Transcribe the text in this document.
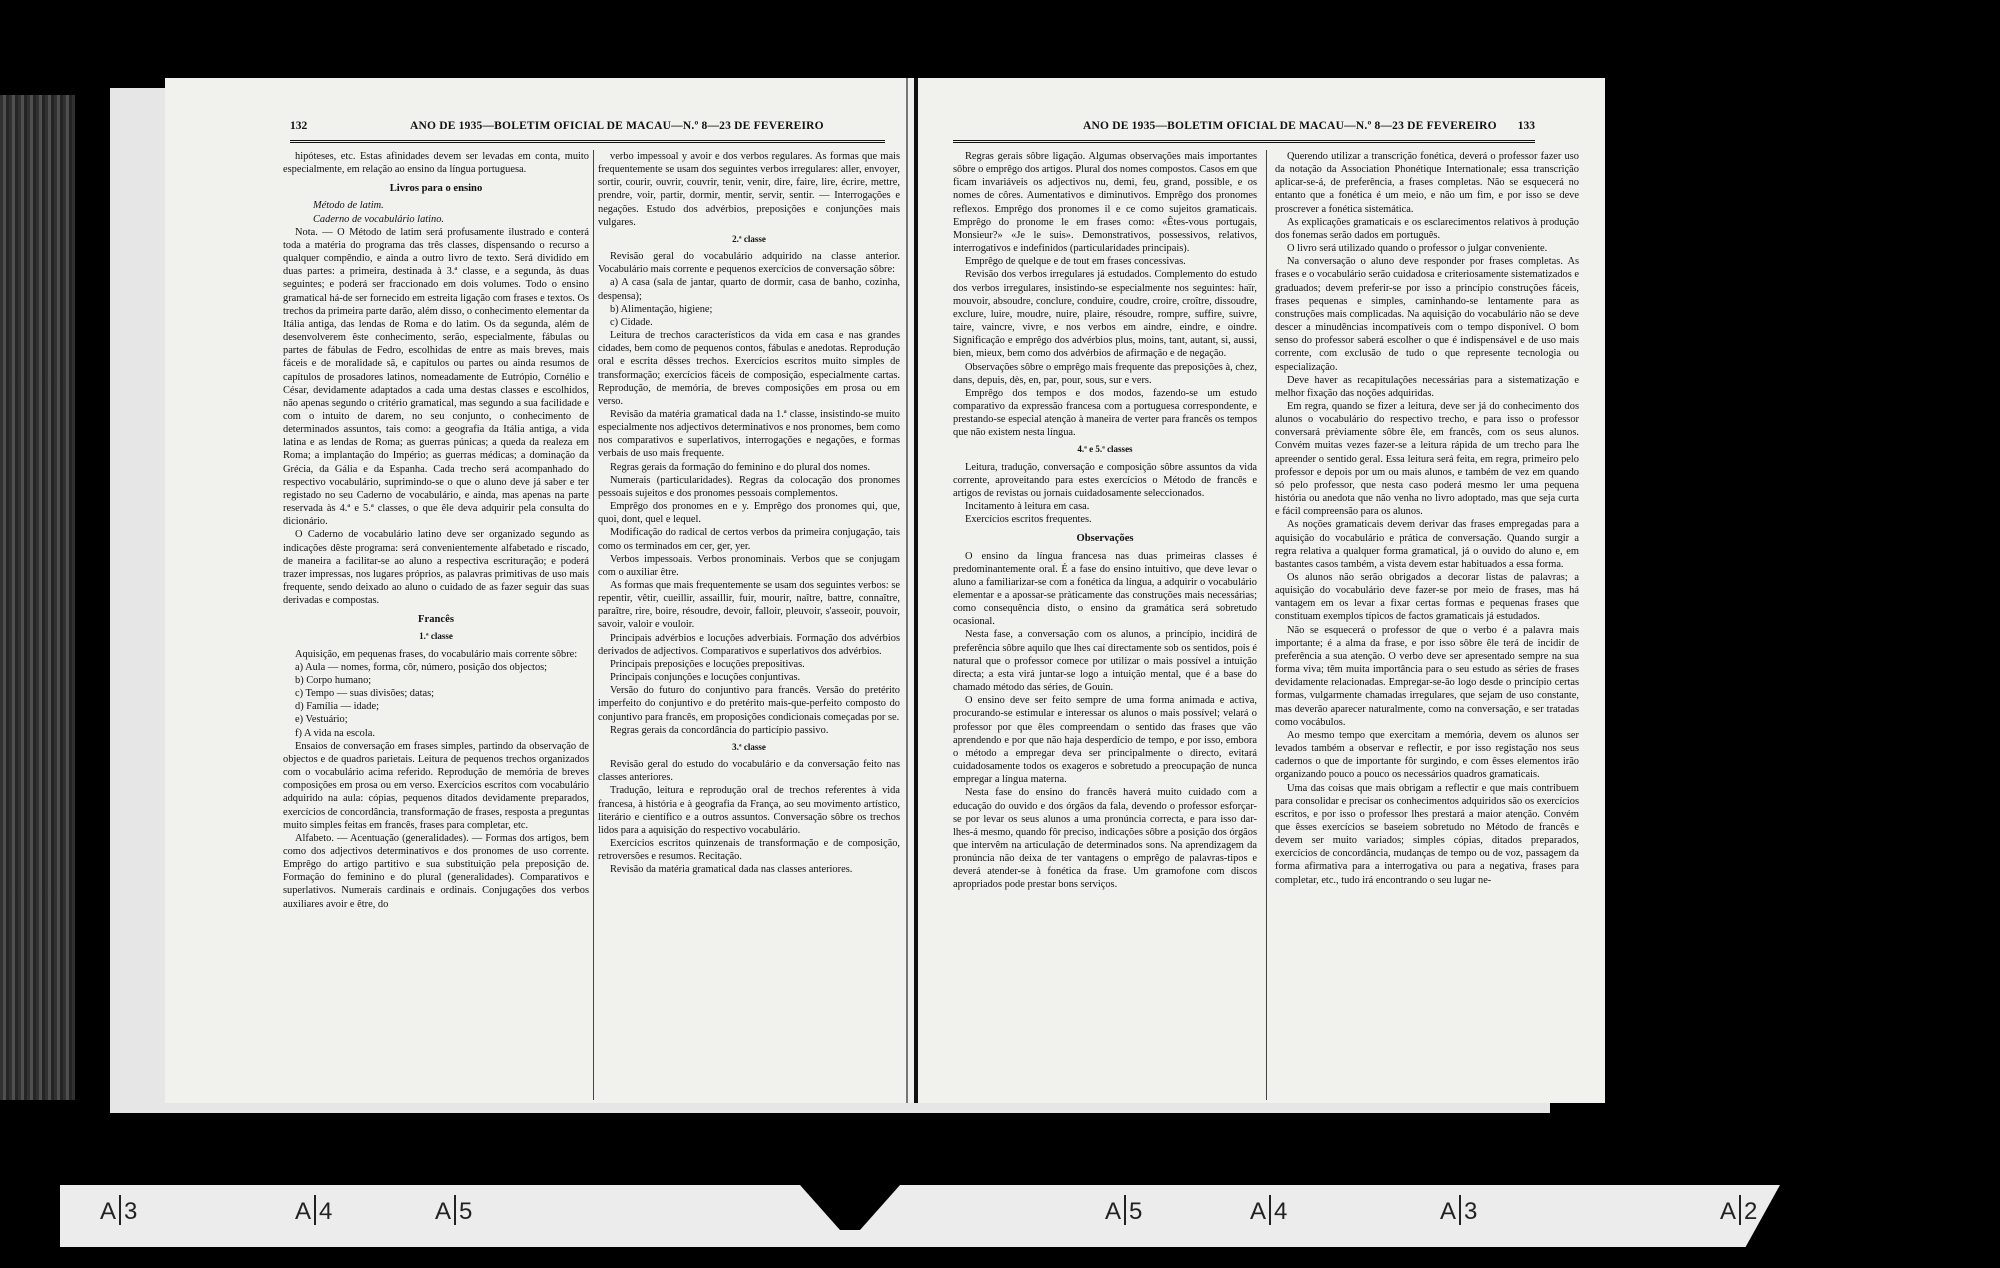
132	ANO DE 1935—BOLETIM OFICIAL DE MACAU—N.º 8—23 DE FEVEREIRO

hipóteses, etc. Estas afinidades devem ser levadas em conta, muito especialmente, em relação ao ensino da língua portuguesa.

Livros para o ensino

Método de latim.

Caderno de vocabulário latino.

Nota. — O Método de latim será profusamente ilustrado e conterá toda a matéria do programa das três classes, dispensando o recurso a qualquer compêndio, e ainda a outro livro de texto. Será dividido em duas partes: a primeira, destinada à 3.ª classe, e a segunda, às duas seguintes; e poderá ser fraccionado em dois volumes. Todo o ensino gramatical há-de ser fornecido em estreita ligação com frases e textos. Os trechos da primeira parte darão, além disso, o conhecimento elementar da Itália antiga, das lendas de Roma e do latim. Os da segunda, além de desenvolverem êste conhecimento, serão, especialmente, fábulas ou partes de fábulas de Fedro, escolhidas de entre as mais breves, mais fáceis e de moralidade sã, e capítulos ou partes ou ainda resumos de capítulos de prosadores latinos, nomeadamente de Eutrópio, Cornélio e César, devidamente adaptados a cada uma destas classes e escolhidos, não apenas segundo o critério gramatical, mas segundo a sua facilidade e com o intuito de darem, no seu conjunto, o conhecimento de determinados assuntos, tais como: a geografia da Itália antiga, a vida latina e as lendas de Roma; as guerras púnicas; a queda da realeza em Roma; a implantação do Império; as guerras médicas; a dominação da Grécia, da Gália e da Espanha. Cada trecho será acompanhado do respectivo vocabulário, suprimindo-se o que o aluno deve já saber e ter registado no seu Caderno de vocabulário, e ainda, mas apenas na parte reservada às 4.ª e 5.ª classes, o que êle deva adquirir pela consulta do dicionário.

O Caderno de vocabulário latino deve ser organizado segundo as indicações dêste programa: será convenientemente alfabetado e riscado, de maneira a facilitar-se ao aluno a respectiva escrituração; e poderá trazer impressas, nos lugares próprios, as palavras primitivas de uso mais frequente, sendo deixado ao aluno o cuidado de as fazer seguir das suas derivadas e compostas.

Francês
1.ª classe

Aquisição, em pequenas frases, do vocabulário mais corrente sôbre:

a) Aula — nomes, forma, côr, número, posição dos objectos;

b) Corpo humano;

c) Tempo — suas divisões; datas;

d) Família — idade;

e) Vestuário;

f) A vida na escola.

Ensaios de conversação em frases simples, partindo da observação de objectos e de quadros parietais. Leitura de pequenos trechos organizados com o vocabulário acima referido. Reprodução de memória de breves composições em prosa ou em verso. Exercícios escritos com vocabulário adquirido na aula: cópias, pequenos ditados devidamente preparados, exercícios de concordância, transformação de frases, resposta a preguntas muito simples feitas em francês, frases para completar, etc.

Alfabeto. — Acentuação (generalidades). — Formas dos artigos, bem como dos adjectivos determinativos e dos pronomes de uso corrente. Emprêgo do artigo partitivo e sua substituição pela preposição de. Formação do feminino e do plural (generalidades). Comparativos e superlativos. Numerais cardinais e ordinais. Conjugações dos verbos auxiliares avoir e être, do

verbo impessoal y avoir e dos verbos regulares. As formas que mais frequentemente se usam dos seguintes verbos irregulares: aller, envoyer, sortir, courir, ouvrir, couvrir, tenir, venir, dire, faire, lire, écrire, mettre, prendre, voir, partir, dormir, mentir, servir, sentir. — Interrogações e negações. Estudo dos advérbios, preposições e conjunções mais vulgares.

2.ª classe

Revisão geral do vocabulário adquirido na classe anterior. Vocabulário mais corrente e pequenos exercícios de conversação sôbre:

a) A casa (sala de jantar, quarto de dormir, casa de banho, cozinha, despensa);

b) Alimentação, higiene;

c) Cidade.

Leitura de trechos característicos da vida em casa e nas grandes cidades, bem como de pequenos contos, fábulas e anedotas. Reprodução oral e escrita dêsses trechos. Exercícios escritos muito simples de transformação; exercícios fáceis de composição, especialmente cartas. Reprodução, de memória, de breves composições em prosa ou em verso.

Revisão da matéria gramatical dada na 1.ª classe, insistindo-se muito especialmente nos adjectivos determinativos e nos pronomes, bem como nos comparativos e superlativos, interrogações e negações, e formas verbais de uso mais frequente.

Regras gerais da formação do feminino e do plural dos nomes.

Numerais (particularidades). Regras da colocação dos pronomes pessoais sujeitos e dos pronomes pessoais complementos.

Emprêgo dos pronomes en e y. Emprêgo dos pronomes qui, que, quoi, dont, quel e lequel.

Modificação do radical de certos verbos da primeira conjugação, tais como os terminados em cer, ger, yer.

Verbos impessoais. Verbos pronominais. Verbos que se conjugam com o auxiliar être.

As formas que mais frequentemente se usam dos seguintes verbos: se repentir, vêtir, cueillir, assaillir, fuir, mourir, naître, battre, connaître, paraître, rire, boire, résoudre, devoir, falloir, pleuvoir, s'asseoir, pouvoir, savoir, valoir e vouloir.

Principais advérbios e locuções adverbiais. Formação dos advérbios derivados de adjectivos. Comparativos e superlativos dos advérbios.

Principais preposições e locuções prepositivas.

Principais conjunções e locuções conjuntivas.

Versão do futuro do conjuntivo para francês. Versão do pretérito imperfeito do conjuntivo e do pretérito mais-que-perfeito composto do conjuntivo para francês, em proposições condicionais começadas por se.

Regras gerais da concordância do particípio passivo.

3.ª classe

Revisão geral do estudo do vocabulário e da conversação feito nas classes anteriores.

Tradução, leitura e reprodução oral de trechos referentes à vida francesa, à história e à geografia da França, ao seu movimento artístico, literário e científico e a outros assuntos. Conversação sôbre os trechos lidos para a aquisição do respectivo vocabulário.

Exercícios escritos quinzenais de transformação e de composição, retroversões e resumos. Recitação.

Revisão da matéria gramatical dada nas classes anteriores.

ANO DE 1935—BOLETIM OFICIAL DE MACAU—N.º 8—23 DE FEVEREIRO 133

Regras gerais sôbre ligação. Algumas observações mais importantes sôbre o emprêgo dos artigos. Plural dos nomes compostos. Casos em que ficam invariáveis os adjectivos nu, demi, feu, grand, possible, e os nomes de côres. Aumentativos e diminutivos. Emprêgo dos pronomes reflexos. Emprêgo dos pronomes il e ce como sujeitos gramaticais. Emprêgo do pronome le em frases como: «Êtes-vous portugais, Monsieur?» «Je le suis». Demonstrativos, possessivos, relativos, interrogativos e indefinidos (particularidades principais).

Emprêgo de quelque e de tout em frases concessivas.

Revisão dos verbos irregulares já estudados. Complemento do estudo dos verbos irregulares, insistindo-se especialmente nos seguintes: haïr, mouvoir, absoudre, conclure, conduire, coudre, croire, croître, dissoudre, exclure, luire, moudre, nuire, plaire, résoudre, rompre, suffire, suivre, taire, vaincre, vivre, e nos verbos em aindre, eindre, e oindre. Significação e emprêgo dos advérbios plus, moins, tant, autant, si, aussi, bien, mieux, bem como dos advérbios de afirmação e de negação.

Observações sôbre o emprêgo mais frequente das preposições à, chez, dans, depuis, dès, en, par, pour, sous, sur e vers.

Emprêgo dos tempos e dos modos, fazendo-se um estudo comparativo da expressão francesa com a portuguesa correspondente, e prestando-se especial atenção à maneira de verter para francês os tempos que não existem nesta língua.

4.ª e 5.ª classes

Leitura, tradução, conversação e composição sôbre assuntos da vida corrente, aproveitando para estes exercícios o Método de francês e artigos de revistas ou jornais cuidadosamente seleccionados.

Incitamento à leitura em casa.

Exercícios escritos frequentes.

Observações

O ensino da língua francesa nas duas primeiras classes é predominantemente oral. É a fase do ensino intuitivo, que deve levar o aluno a familiarizar-se com a fonética da língua, a adquirir o vocabulário elementar e a apossar-se pràticamente das construções mais necessárias; como consequência disto, o ensino da gramática será sobretudo ocasional.

Nesta fase, a conversação com os alunos, a princípio, incidirá de preferência sôbre aquilo que lhes caí directamente sob os sentidos, pois é natural que o professor comece por utilizar o mais possível a intuição directa; a esta virá juntar-se logo a intuição mental, que é a base do chamado método das séries, de Gouin.

O ensino deve ser feito sempre de uma forma animada e activa, procurando-se estimular e interessar os alunos o mais possível; velará o professor por que êles compreendam o sentido das frases que vão aprendendo e por que não haja desperdício de tempo, e por isso, embora o método a empregar deva ser principalmente o directo, evitará cuidadosamente todos os exageros e sobretudo a preocupação de nunca empregar a língua materna.

Nesta fase do ensino do francês haverá muito cuidado com a educação do ouvido e dos órgãos da fala, devendo o professor esforçar-se por levar os seus alunos a uma pronúncia correcta, e para isso dar-lhes-á mesmo, quando fôr preciso, indicações sôbre a posição dos órgãos que intervêm na articulação de determinados sons. Na aprendizagem da pronúncia não deixa de ter vantagens o emprêgo de palavras-tipos e deverá atender-se à fonética da frase. Um gramofone com discos apropriados pode prestar bons serviços.

Querendo utilizar a transcrição fonética, deverá o professor fazer uso da notação da Association Phonétique Internationale; essa transcrição aplicar-se-á, de preferência, a frases completas. Não se esquecerá no entanto que a fonética é um meio, e não um fim, e por isso se deve proscrever a fonética sistemática.

As explicações gramaticais e os esclarecimentos relativos à produção dos fonemas serão dados em português.

O livro será utilizado quando o professor o julgar conveniente.

Na conversação o aluno deve responder por frases completas. As frases e o vocabulário serão cuidadosa e criteriosamente sistematizados e graduados; devem preferir-se por isso a princípio construções fáceis, frases pequenas e simples, caminhando-se lentamente para as construções mais complicadas. Na aquisição do vocabulário não se deve descer a minudências incompatíveis com o tempo disponível. O bom senso do professor saberá escolher o que é indispensável e de uso mais corrente, com exclusão de tudo o que represente tecnologia ou especialização.

Deve haver as recapitulações necessárias para a sistematização e melhor fixação das noções adquiridas.

Em regra, quando se fizer a leitura, deve ser já do conhecimento dos alunos o vocabulário do respectivo trecho, e para isso o professor conversará prèviamente sôbre êle, em francês, com os seus alunos. Convém muitas vezes fazer-se a leitura rápida de um trecho para lhe apreender o sentido geral. Essa leitura será feita, em regra, primeiro pelo professor e depois por um ou mais alunos, e também de vez em quando só pelo professor, que nesta caso poderá mesmo ler uma pequena história ou anedota que não venha no livro adoptado, mas que seja curta e fácil compreensão para os alunos.

As noções gramaticais devem derivar das frases empregadas para a aquisição do vocabulário e prática de conversação. Quando surgir a regra relativa a qualquer forma gramatical, já o ouvido do aluno e, em bastantes casos também, a vista devem estar habituados a essa forma.

Os alunos não serão obrigados a decorar listas de palavras; a aquisição do vocabulário deve fazer-se por meio de frases, mas há vantagem em os levar a fixar certas formas e pequenas frases que constituam exemplos típicos de factos gramaticais já estudados.

Não se esquecerá o professor de que o verbo é a palavra mais importante; é a alma da frase, e por isso sôbre êle terá de incidir de preferência a sua atenção. O verbo deve ser apresentado sempre na sua forma viva; têm muita importância para o seu estudo as séries de frases devidamente relacionadas. Empregar-se-ão logo desde o princípio certas formas, vulgarmente chamadas irregulares, que sejam de uso constante, mas deverão aparecer naturalmente, como na conversação, e ser tratadas como vocábulos.

Ao mesmo tempo que exercitam a memória, devem os alunos ser levados também a observar e reflectir, e por isso registação nos seus cadernos o que de importante fôr surgindo, e com êsses elementos irão organizando pouco a pouco os necessários quadros gramaticais.

Uma das coisas que mais obrigam a reflectir e que mais contribuem para consolidar e precisar os conhecimentos adquiridos são os exercícios escritos, e por isso o professor lhes prestará a maior atenção. Convém que êsses exercícios se baseiem sobretudo no Método de francês e devem ser muito variados; simples cópias, ditados preparados, exercícios de concordância, mudanças de tempo ou de voz, passagem da forma afirmativa para a interrogativa ou para a negativa, frases para completar, etc., tudo irá encontrando o seu lugar ne-

A 3	A 4	A 5	A 5	A 4	A 3	A 2
